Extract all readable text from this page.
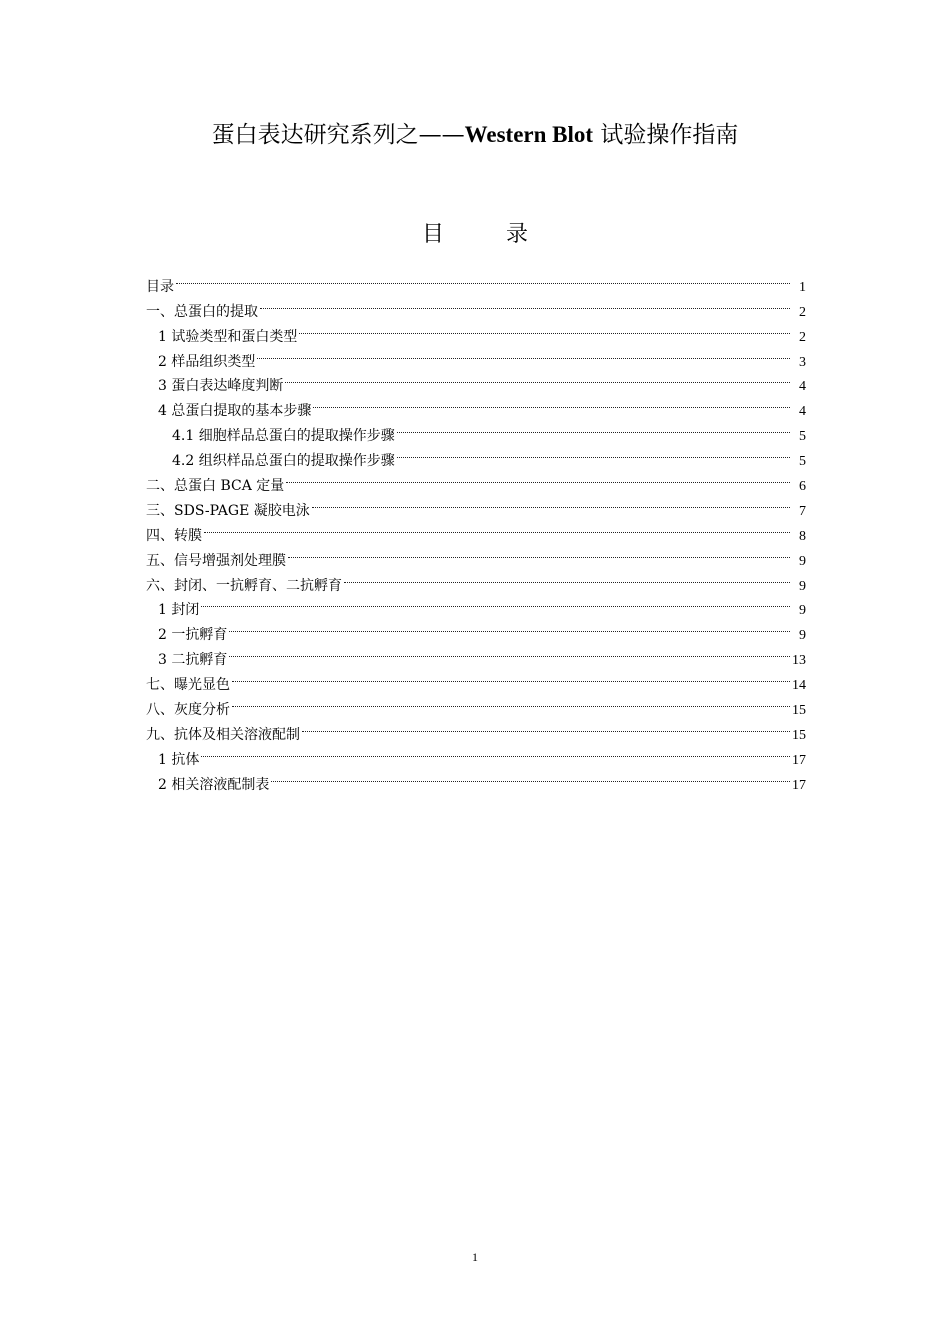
蛋白表达研究系列之——Western Blot 试验操作指南
目录
目录	1
一、总蛋白的提取	2
1 试验类型和蛋白类型	2
2 样品组织类型	3
3 蛋白表达峰度判断	4
4 总蛋白提取的基本步骤	4
4.1 细胞样品总蛋白的提取操作步骤	5
4.2 组织样品总蛋白的提取操作步骤	5
二、总蛋白 BCA 定量	6
三、SDS-PAGE 凝胶电泳	7
四、转膜	8
五、信号增强剂处理膜	9
六、封闭、一抗孵育、二抗孵育	9
1 封闭	9
2 一抗孵育	9
3 二抗孵育	13
七、曝光显色	14
八、灰度分析	15
九、抗体及相关溶液配制	15
1 抗体	17
2 相关溶液配制表	17
1
